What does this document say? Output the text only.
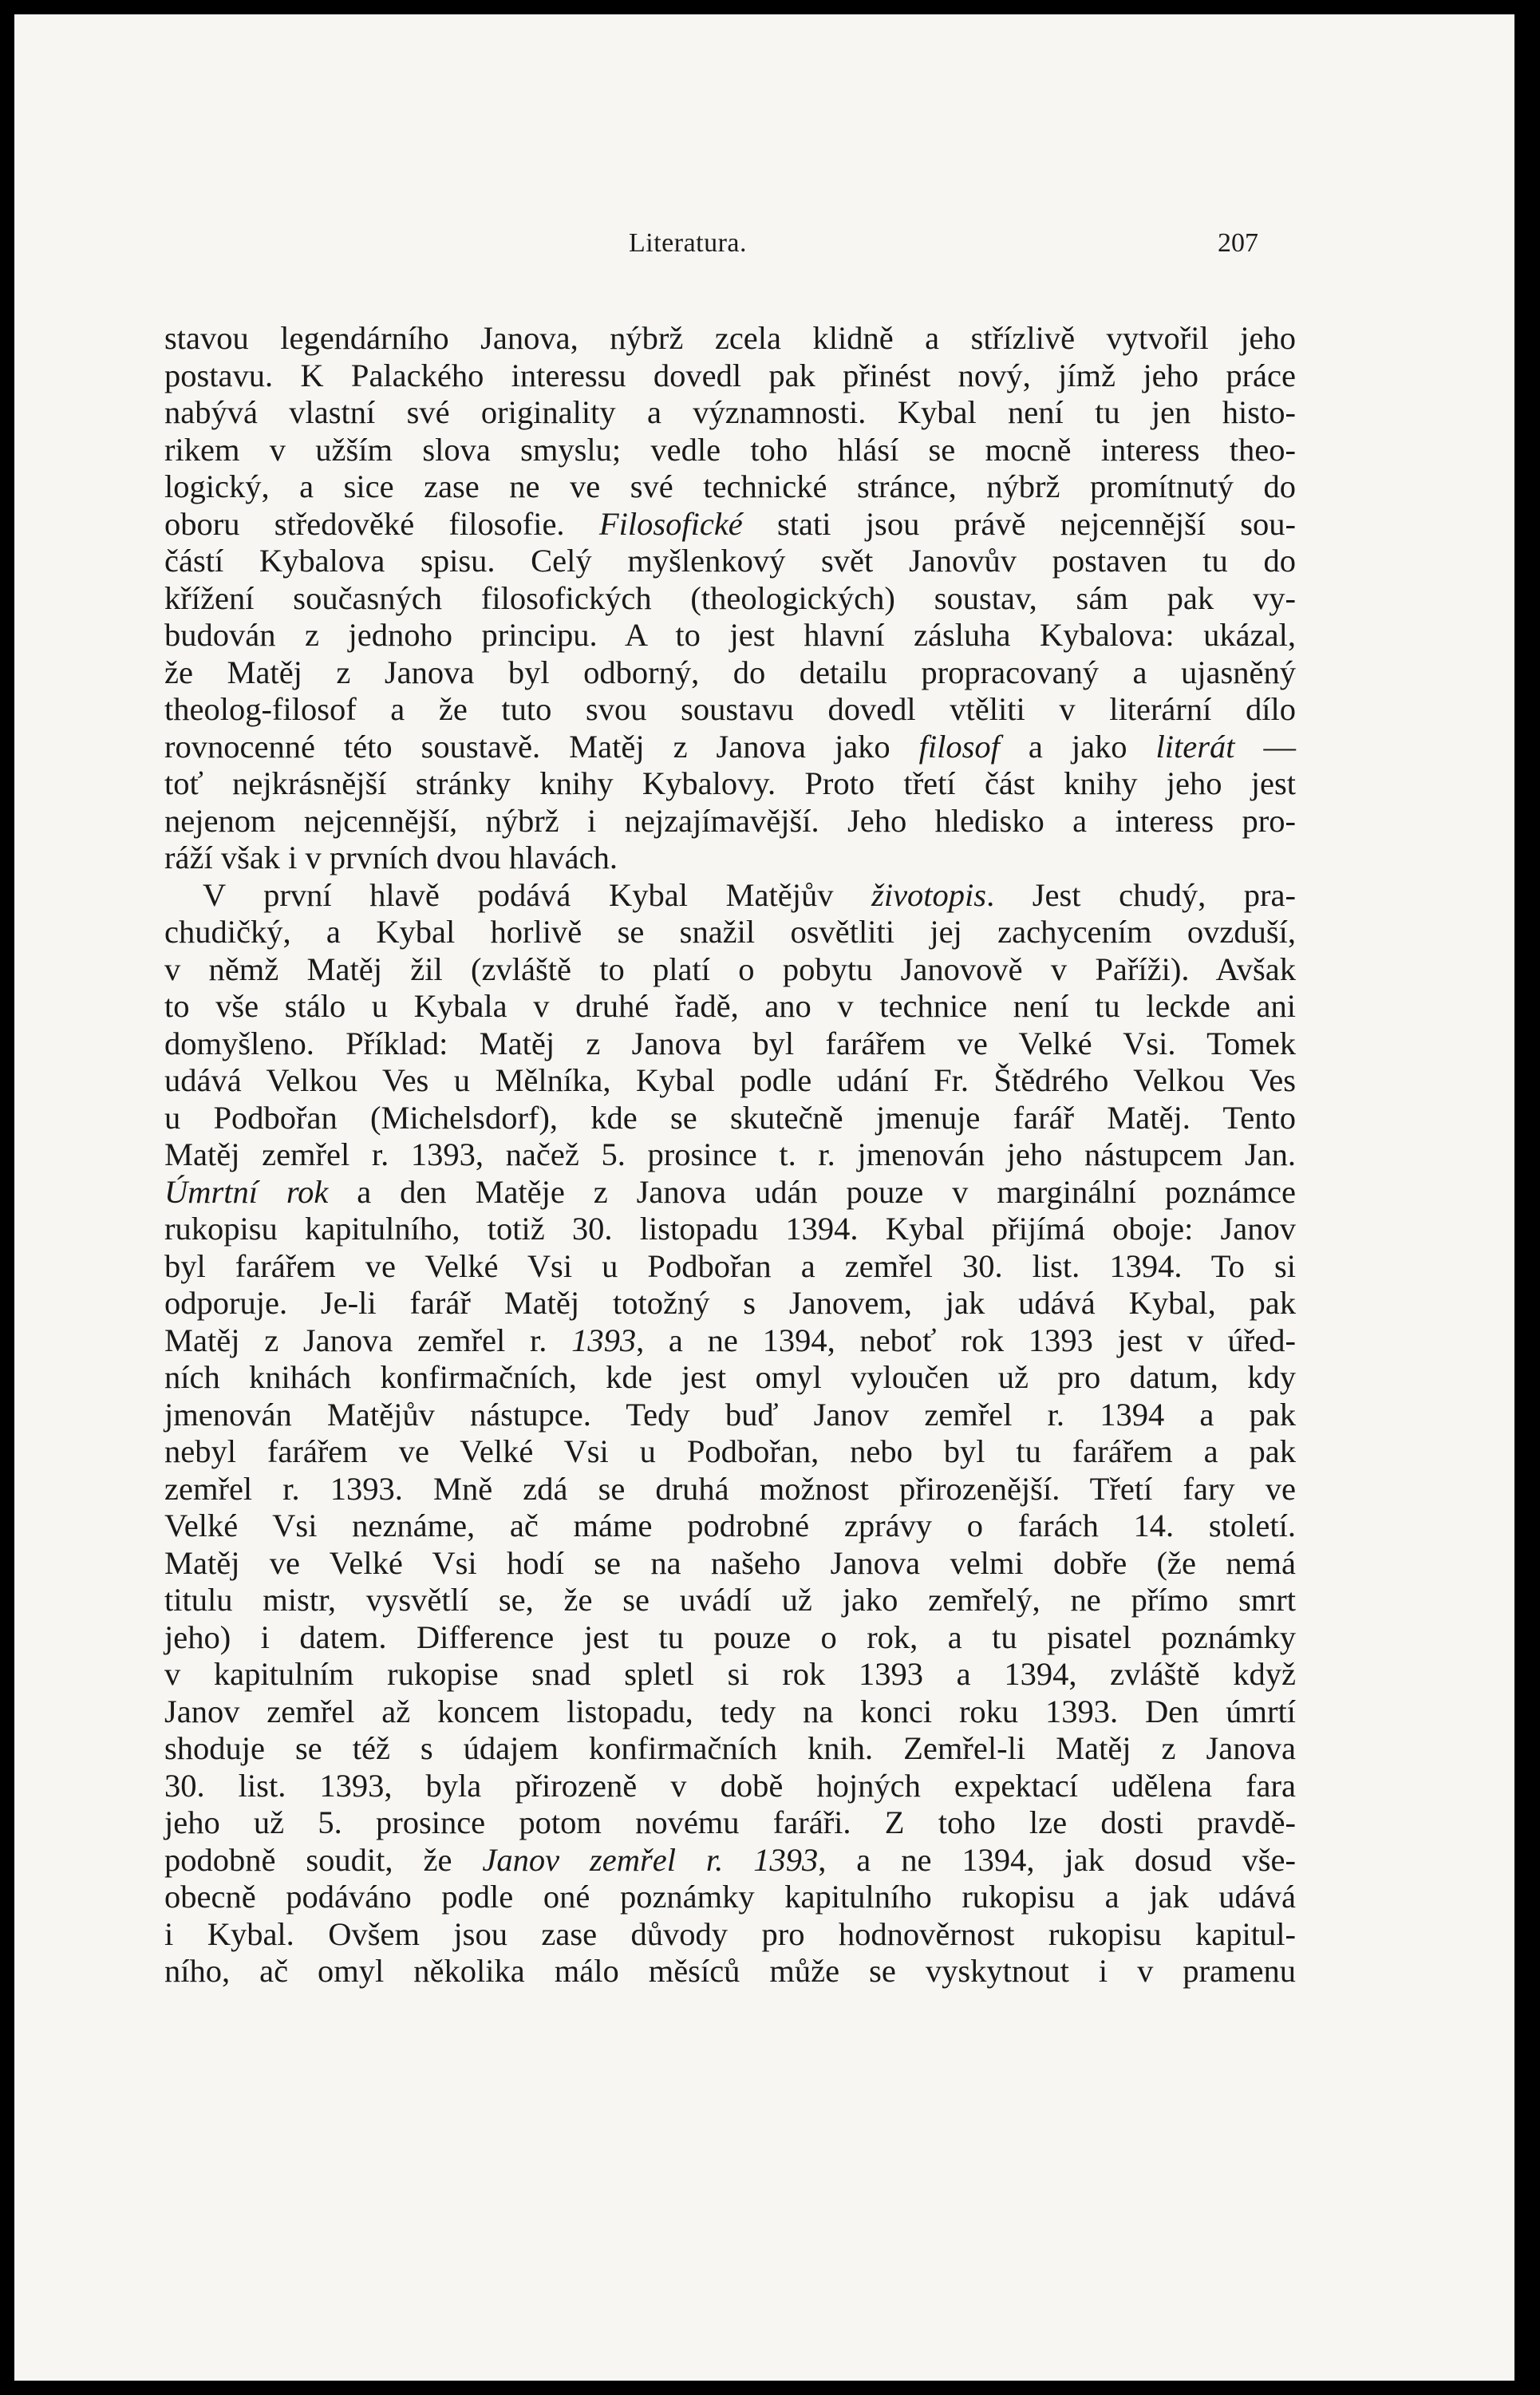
Literatura.	207
stavou legendárního Janova, nýbrž zcela klidně a střízlivě vytvořil jeho
postavu. K Palackého interessu dovedl pak přinést nový, jímž jeho práce
nabývá vlastní své originality a významnosti. Kybal není tu jen histo-
rikem v užším slova smyslu; vedle toho hlásí se mocně interess theo-
logický, a sice zase ne ve své technické stránce, nýbrž promítnutý do
oboru středověké filosofie. Filosofické stati jsou právě nejcennější sou-
částí Kybalova spisu. Celý myšlenkový svět Janovův postaven tu do
křížení současných filosofických (theologických) soustav, sám pak vy-
budován z jednoho principu. A to jest hlavní zásluha Kybalova: ukázal,
že Matěj z Janova byl odborný, do detailu propracovaný a ujasněný
theolog-filosof a že tuto svou soustavu dovedl vtěliti v literární dílo
rovnocenné této soustavě. Matěj z Janova jako filosof a jako literát —
toť nejkrásnější stránky knihy Kybalovy. Proto třetí část knihy jeho jest
nejenom nejcennější, nýbrž i nejzajímavější. Jeho hledisko a interess pro-
ráží však i v prvních dvou hlavách.
V první hlavě podává Kybal Matějův životopis. Jest chudý, pra-
chudičký, a Kybal horlivě se snažil osvětliti jej zachycením ovzduší,
v němž Matěj žil (zvláště to platí o pobytu Janovově v Paříži). Avšak
to vše stálo u Kybala v druhé řadě, ano v technice není tu leckde ani
domyšleno. Příklad: Matěj z Janova byl farářem ve Velké Vsi. Tomek
udává Velkou Ves u Mělníka, Kybal podle udání Fr. Štědrého Velkou Ves
u Podbořan (Michelsdorf), kde se skutečně jmenuje farář Matěj. Tento
Matěj zemřel r. 1393, načež 5. prosince t. r. jmenován jeho nástupcem Jan.
Úmrtní rok a den Matěje z Janova udán pouze v marginální poznámce
rukopisu kapitulního, totiž 30. listopadu 1394. Kybal přijímá oboje: Janov
byl farářem ve Velké Vsi u Podbořan a zemřel 30. list. 1394. To si
odporuje. Je-li farář Matěj totožný s Janovem, jak udává Kybal, pak
Matěj z Janova zemřel r. 1393, a ne 1394, neboť rok 1393 jest v úřed-
ních knihách konfirmačních, kde jest omyl vyloučen už pro datum, kdy
jmenován Matějův nástupce. Tedy buď Janov zemřel r. 1394 a pak
nebyl farářem ve Velké Vsi u Podbořan, nebo byl tu farářem a pak
zemřel r. 1393. Mně zdá se druhá možnost přirozenější. Třetí fary ve
Velké Vsi neznáme, ač máme podrobné zprávy o farách 14. století.
Matěj ve Velké Vsi hodí se na našeho Janova velmi dobře (že nemá
titulu mistr, vysvětlí se, že se uvádí už jako zemřelý, ne přímo smrt
jeho) i datem. Difference jest tu pouze o rok, a tu pisatel poznámky
v kapitulním rukopise snad spletl si rok 1393 a 1394, zvláště když
Janov zemřel až koncem listopadu, tedy na konci roku 1393. Den úmrtí
shoduje se též s údajem konfirmačních knih. Zemřel-li Matěj z Janova
30. list. 1393, byla přirozeně v době hojných expektací udělena fara
jeho už 5. prosince potom novému faráři. Z toho lze dosti pravdě-
podobně soudit, že Janov zemřel r. 1393, a ne 1394, jak dosud vše-
obecně podáváno podle oné poznámky kapitulního rukopisu a jak udává
i Kybal. Ovšem jsou zase důvody pro hodnověrnost rukopisu kapitul-
ního, ač omyl několika málo měsíců může se vyskytnout i v pramenu
